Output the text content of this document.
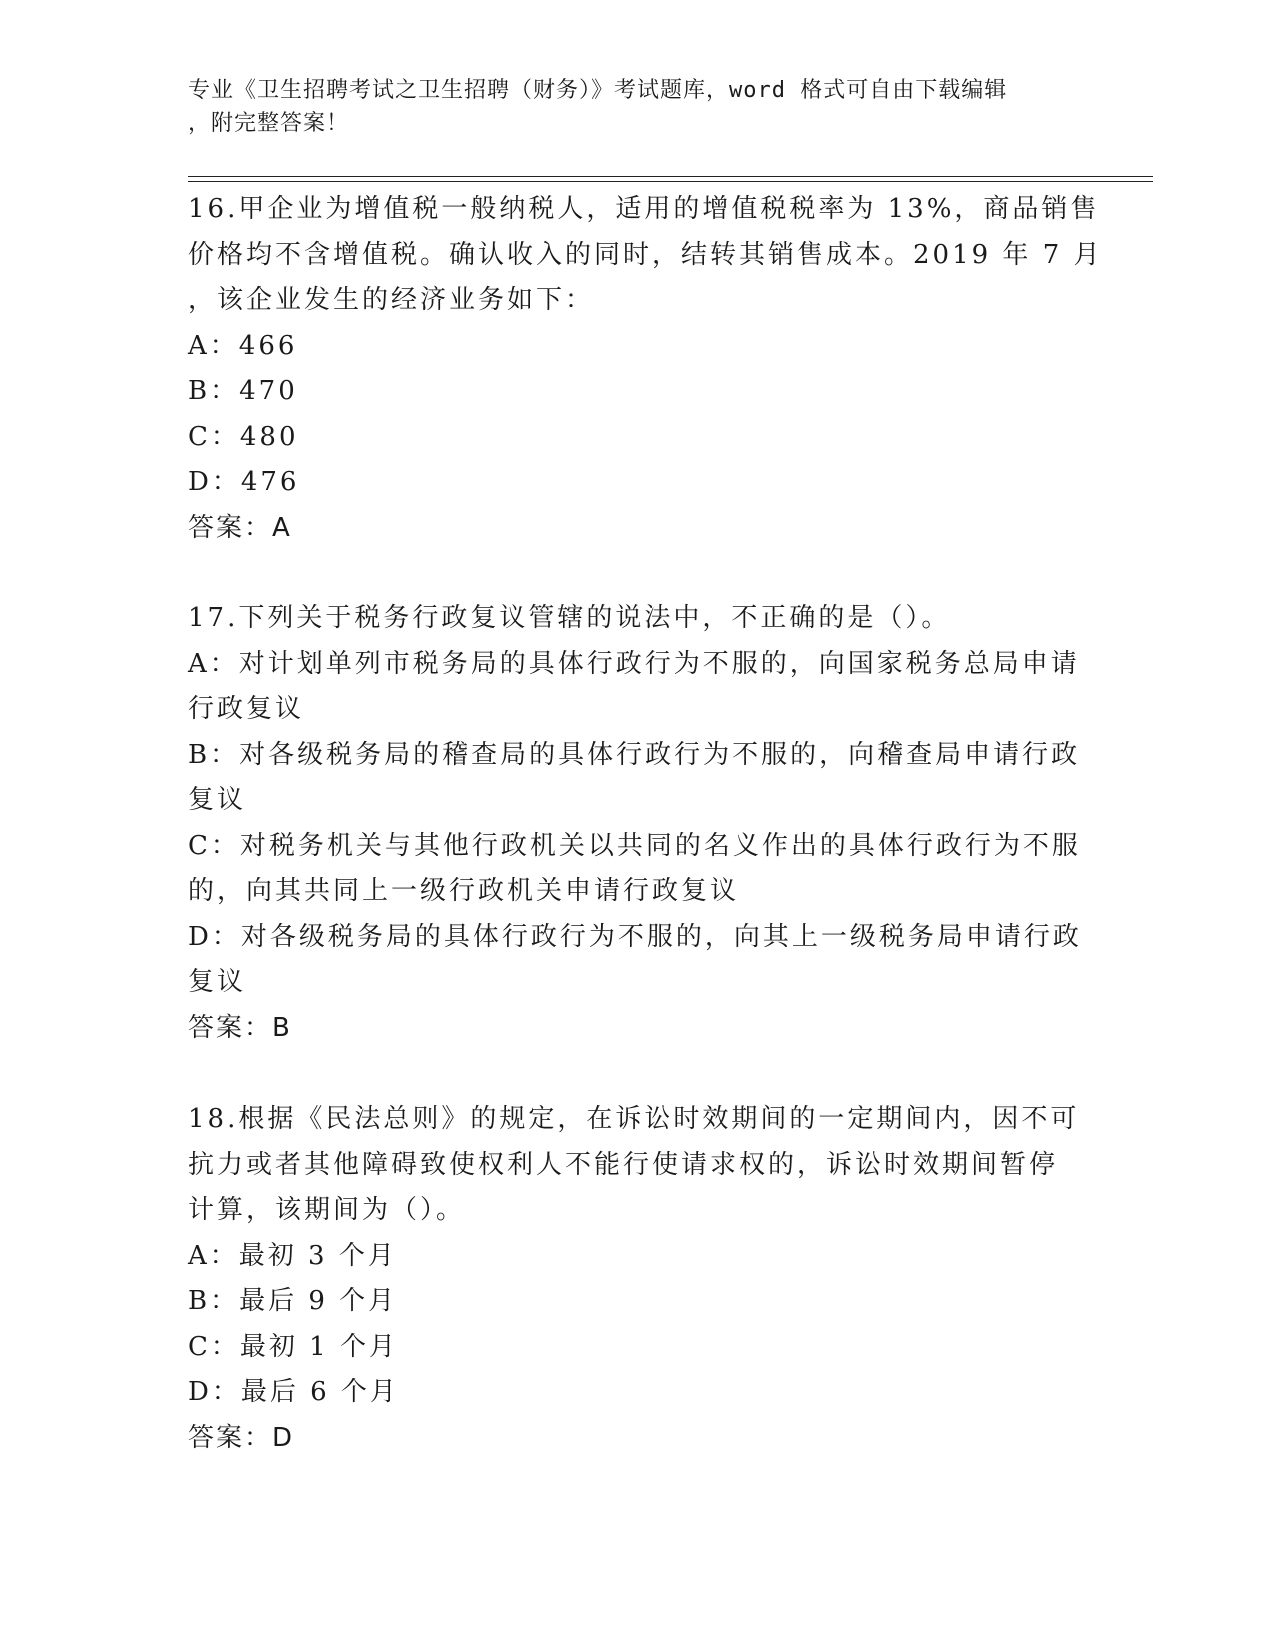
专业《卫生招聘考试之卫生招聘（财务）》考试题库，word 格式可自由下载编辑
，附完整答案！
16.甲企业为增值税一般纳税人，适用的增值税税率为 13%，商品销售
价格均不含增值税。确认收入的同时，结转其销售成本。2019 年 7 月
，该企业发生的经济业务如下：
A：466
B：470
C：480
D：476
答案：A
17.下列关于税务行政复议管辖的说法中，不正确的是（）。
A：对计划单列市税务局的具体行政行为不服的，向国家税务总局申请
行政复议
B：对各级税务局的稽查局的具体行政行为不服的，向稽查局申请行政
复议
C：对税务机关与其他行政机关以共同的名义作出的具体行政行为不服
的，向其共同上一级行政机关申请行政复议
D：对各级税务局的具体行政行为不服的，向其上一级税务局申请行政
复议
答案：B
18.根据《民法总则》的规定，在诉讼时效期间的一定期间内，因不可
抗力或者其他障碍致使权利人不能行使请求权的，诉讼时效期间暂停
计算，该期间为（）。
A：最初 3 个月
B：最后 9 个月
C：最初 1 个月
D：最后 6 个月
答案：D
